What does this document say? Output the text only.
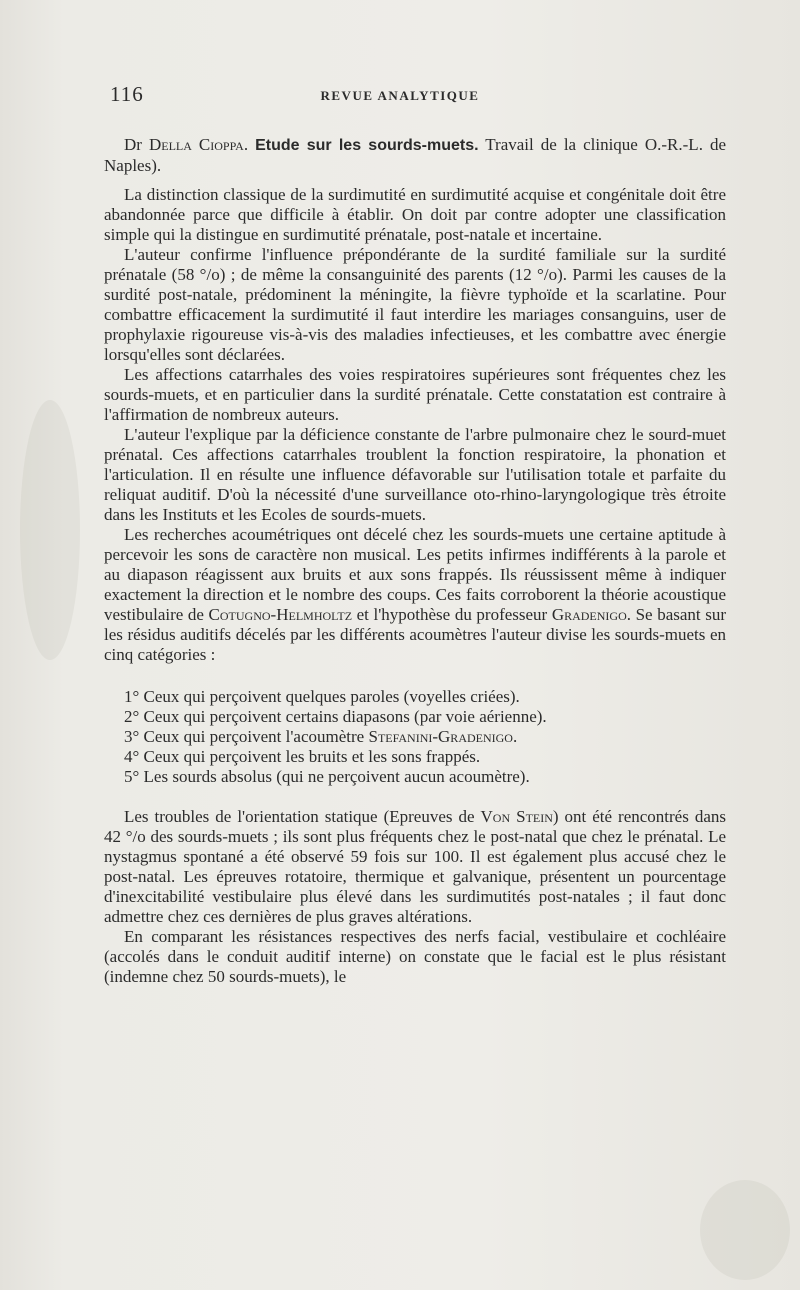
116	REVUE ANALYTIQUE

Dr Della Cioppa. Etude sur les sourds-muets. Travail de la clinique O.-R.-L. de Naples).

La distinction classique de la surdimutité en surdimutité acquise et congénitale doit être abandonnée parce que difficile à établir. On doit par contre adopter une classification simple qui la distingue en surdimutité prénatale, post-natale et incertaine.

L'auteur confirme l'influence prépondérante de la surdité familiale sur la surdité prénatale (58 °/o) ; de même la consanguinité des parents (12 °/o). Parmi les causes de la surdité post-natale, prédominent la méningite, la fièvre typhoïde et la scarlatine. Pour combattre efficacement la surdimutité il faut interdire les mariages consanguins, user de prophylaxie rigoureuse vis-à-vis des maladies infectieuses, et les combattre avec énergie lorsqu'elles sont déclarées.

Les affections catarrhales des voies respiratoires supérieures sont fréquentes chez les sourds-muets, et en particulier dans la surdité prénatale. Cette constatation est contraire à l'affirmation de nombreux auteurs.

L'auteur l'explique par la déficience constante de l'arbre pulmonaire chez le sourd-muet prénatal. Ces affections catarrhales troublent la fonction respiratoire, la phonation et l'articulation. Il en résulte une influence défavorable sur l'utilisation totale et parfaite du reliquat auditif. D'où la nécessité d'une surveillance oto-rhino-laryngologique très étroite dans les Instituts et les Ecoles de sourds-muets.

Les recherches acoumétriques ont décelé chez les sourds-muets une certaine aptitude à percevoir les sons de caractère non musical. Les petits infirmes indifférents à la parole et au diapason réagissent aux bruits et aux sons frappés. Ils réussissent même à indiquer exactement la direction et le nombre des coups. Ces faits corroborent la théorie acoustique vestibulaire de Cotugno-Helmholtz et l'hypothèse du professeur Gradenigo. Se basant sur les résidus auditifs décelés par les différents acoumètres l'auteur divise les sourds-muets en cinq catégories :

1° Ceux qui perçoivent quelques paroles (voyelles criées).
2° Ceux qui perçoivent certains diapasons (par voie aérienne).
3° Ceux qui perçoivent l'acoumètre Stefanini-Gradenigo.
4° Ceux qui perçoivent les bruits et les sons frappés.
5° Les sourds absolus (qui ne perçoivent aucun acoumètre).

Les troubles de l'orientation statique (Epreuves de Von Stein) ont été rencontrés dans 42 °/o des sourds-muets ; ils sont plus fréquents chez le post-natal que chez le prénatal. Le nystagmus spontané a été observé 59 fois sur 100. Il est également plus accusé chez le post-natal. Les épreuves rotatoire, thermique et galvanique, présentent un pourcentage d'inexcitabilité vestibulaire plus élevé dans les surdimutités post-natales ; il faut donc admettre chez ces dernières de plus graves altérations.

En comparant les résistances respectives des nerfs facial, vestibulaire et cochléaire (accolés dans le conduit auditif interne) on constate que le facial est le plus résistant (indemne chez 50 sourds-muets), le
